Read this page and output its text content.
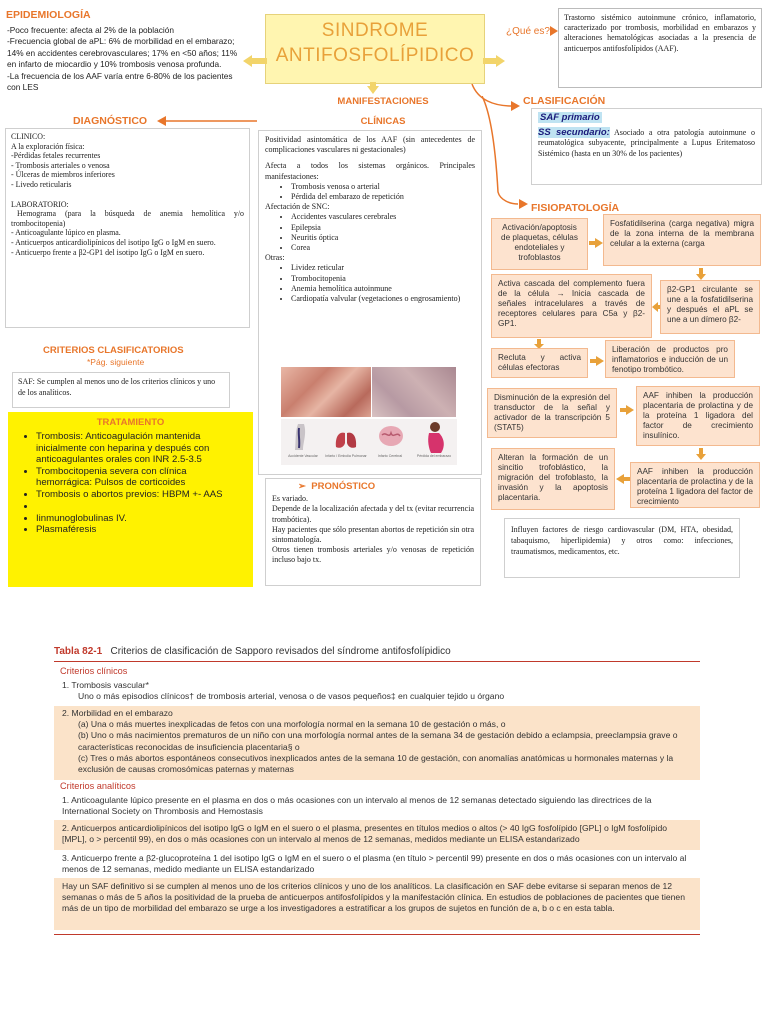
EPIDEMIOLOGÍA
-Poco frecuente: afecta al 2% de la población
-Frecuencia global de aPL: 6% de morbilidad en el embarazo; 14% en accidentes cerebrovasculares; 17% en <50 años; 11% en infarto de miocardio y 10% trombosis venosa profunda.
-La frecuencia de los AAF varía entre 6-80% de los pacientes con LES
SINDROME
ANTIFOSFOLÍPIDICO
¿Qué es?
Trastorno sistémico autoinmune crónico, inflamatorio, caracterizado por trombosis, morbilidad en embarazos y alteraciones hematológicas asociadas a la presencia de anticuerpos antifosfolípidos (AAF).
MANIFESTACIONES
CLÍNICAS
Positividad asintomática de los AAF (sin antecedentes de complicaciones vasculares ni gestacionales)
Afecta a todos los sistemas orgánicos. Principales manifestaciones:
• Trombosis venosa o arterial
• Pérdida del embarazo de repetición
Afectación de SNC:
• Accidentes vasculares cerebrales
• Epilepsia
• Neuritis óptica
• Corea
Otras:
• Lividez reticular
• Trombocitopenia
• Anemia hemolítica autoinmune
• Cardiopatía valvular (vegetaciones o engrosamiento)
Accidente Vascular	Infarto / Embolia Pulmonar	Infarto Cerebral	Pérdida del embarazo
DIAGNÓSTICO
CLINICO:
A la exploración física:
-Pérdidas fetales recurrentes
- Trombosis arteriales o venosa
- Úlceras de miembros inferiores
- Livedo reticularis
LABORATORIO:
Hemograma (para la búsqueda de anemia hemolítica y/o trombocitopenia)
- Anticoagulante lúpico en plasma.
- Anticuerpos anticardiolipínicos del isotipo IgG o IgM en suero.
- Anticuerpo frente a β2-GP1 del isotipo IgG o IgM en suero.
CRITERIOS CLASIFICATORIOS
*Pág. siguiente
SAF: Se cumplen al menos uno de los criterios clínicos y uno de los analíticos.
TRATAMIENTO
• Trombosis: Anticoagulación mantenida inicialmente con heparina y después con anticoagulantes orales con INR 2.5-3.5
• Trombocitopenia severa con clínica hemorrágica: Pulsos de corticoides
• Trombosis o abortos previos: HBPM +- AAS
•
• Iinmunoglobulinas IV.
• Plasmaféresis
➢ PRONÓSTICO
Es variado.
Depende de la localización afectada y del tx (evitar recurrencia trombótica).
Hay pacientes que sólo presentan abortos de repetición sin otra sintomatología.
Otros tienen trombosis arteriales y/o venosas de repetición incluso bajo tx.
CLASIFICACIÓN
SAF primario
SS secundario: Asociado a otra patología autoinmune o reumatológica subyacente, principalmente a Lupus Eritematoso Sistémico (hasta en un 30% de los pacientes)
FISIOPATOLOGÍA
Activación/apoptosis de plaquetas, células endoteliales y trofoblastos
Fosfatidilserina (carga negativa) migra de la zona interna de la membrana celular a la externa (carga
Activa cascada del complemento fuera de la célula → Inicia cascada de señales intracelulares a través de receptores celulares para C5a y β2-GP1.
β2-GP1 circulante se une a la fosfatidilserina y después el aPL se une a un dímero β2-
Recluta y activa células efectoras
Liberación de productos pro inflamatorios e inducción de un fenotipo trombótico.
Disminución de la expresión del transductor de la señal y activador de la transcripción 5 (STAT5)
AAF inhiben la producción placentaria de prolactina y de la proteína 1 ligadora del factor de crecimiento insulínico.
Alteran la formación de un sincitio trofoblástico, la migración del trofoblasto, la invasión y la apoptosis placentaria.
AAF inhiben la producción placentaria de prolactina y de la proteína 1 ligadora del factor de crecimiento
Influyen factores de riesgo cardiovascular (DM, HTA, obesidad, tabaquismo, hiperlipidemia) y otros como: infecciones, traumatismos, medicamentos, etc.
Tabla 82-1 Criterios de clasificación de Sapporo revisados del síndrome antifosfolípidico
Criterios clínicos
1. Trombosis vascular*
Uno o más episodios clínicos† de trombosis arterial, venosa o de vasos pequeños‡ en cualquier tejido u órgano
2. Morbilidad en el embarazo
(a) Una o más muertes inexplicadas de fetos con una morfología normal en la semana 10 de gestación o más, o
(b) Uno o más nacimientos prematuros de un niño con una morfología normal antes de la semana 34 de gestación debido a eclampsia, preeclampsia grave o características reconocidas de insuficiencia placentaria§ o
(c) Tres o más abortos espontáneos consecutivos inexplicados antes de la semana 10 de gestación, con anomalías anatómicas u hormonales maternas y la exclusión de causas cromosómicas paternas y maternas
Criterios analíticos
1. Anticoagulante lúpico presente en el plasma en dos o más ocasiones con un intervalo al menos de 12 semanas detectado siguiendo las directrices de la International Society on Thrombosis and Hemostasis
2. Anticuerpos anticardiolipínicos del isotipo IgG o IgM en el suero o el plasma, presentes en títulos medios o altos (> 40 IgG fosfolípido [GPL] o IgM fosfolípido [MPL], o > percentil 99), en dos o más ocasiones con un intervalo al menos de 12 semanas, medidos mediante un ELISA estandarizado
3. Anticuerpo frente a β2-glucoproteína 1 del isotipo IgG o IgM en el suero o el plasma (en título > percentil 99) presente en dos o más ocasiones con un intervalo al menos de 12 semanas, medido mediante un ELISA estandarizado
Hay un SAF definitivo si se cumplen al menos uno de los criterios clínicos y uno de los analíticos. La clasificación en SAF debe evitarse si separan menos de 12 semanas o más de 5 años la positividad de la prueba de anticuerpos antifosfolípidos y la manifestación clínica. En estudios de poblaciones de pacientes que tienen más de un tipo de morbilidad del embarazo se urge a los investigadores a estratificar a los grupos de sujetos en función de a, b o c en esta tabla.
